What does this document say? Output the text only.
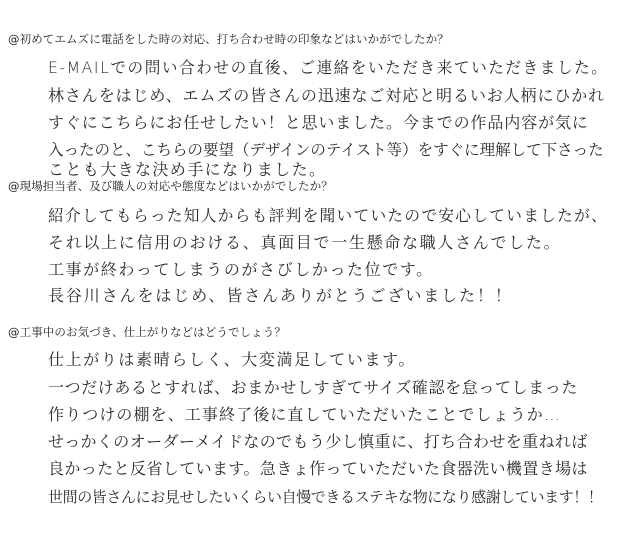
@初めてエムズに電話をした時の対応、打ち合わせ時の印象などはいかがでしたか？
E-MAILでの問い合わせの直後、ご連絡をいただき来ていただきました。
林さんをはじめ、エムズの皆さんの迅速なご対応と明るいお人柄にひかれ
すぐにこちらにお任せしたい！と思いました。今までの作品内容が気に
入ったのと、こちらの要望（デザインのテイスト等）をすぐに理解して下さった
ことも大きな決め手になりました。
@現場担当者、及び職人の対応や態度などはいかがでしたか？
紹介してもらった知人からも評判を聞いていたので安心していましたが、
それ以上に信用のおける、真面目で一生懸命な職人さんでした。
工事が終わってしまうのがさびしかった位です。
長谷川さんをはじめ、皆さんありがとうございました！！
@工事中のお気づき、仕上がりなどはどうでしょう？
仕上がりは素晴らしく、大変満足しています。
一つだけあるとすれば、おまかせしすぎてサイズ確認を怠ってしまった
作りつけの棚を、工事終了後に直していただいたことでしょうか…
せっかくのオーダーメイドなのでもう少し慎重に、打ち合わせを重ねれば
良かったと反省しています。急きょ作っていただいた食器洗い機置き場は
世間の皆さんにお見せしたいくらい自慢できるステキな物になり感謝しています！！
